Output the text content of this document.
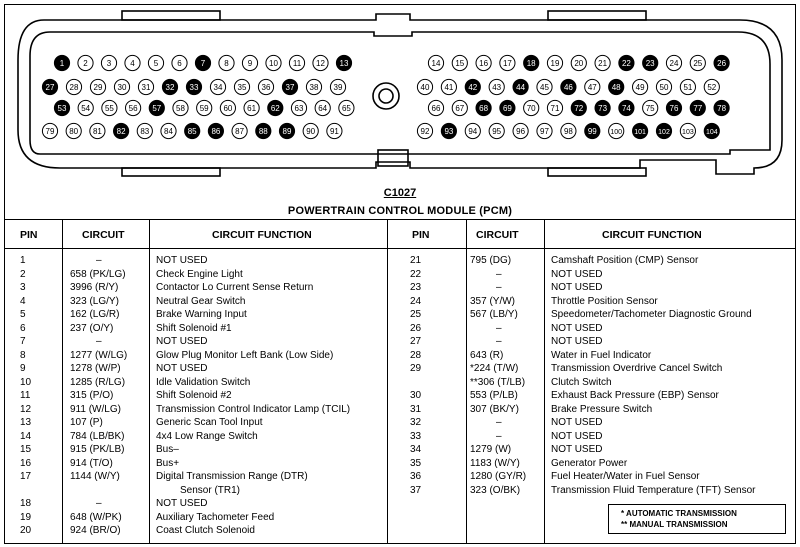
1 2 3 4 5 6 7 8 9 10 11 12 13	14 15 16 17 18 19 20 21 22 23 24 25 26
27 28 29 30 31 32 33 34 35 36 37 38 39	40 41 42 43 44 45 46 47 48 49 50 51 52
53 54 55 56 57 58 59 60 61 62 63 64 65	66 67 68 69 70 71 72 73 74 75 76 77 78
79 80 81 82 83 84 85 86 87 88 89 90 91	92 93 94 95 96 97 98 99 100 101 102 103 104
C1027
POWERTRAIN CONTROL MODULE (PCM)
PIN	CIRCUIT	CIRCUIT FUNCTION	PIN	CIRCUIT	CIRCUIT FUNCTION
1	–	NOT USED
2	658 (PK/LG)	Check Engine Light
3	3996 (R/Y)	Contactor Lo Current Sense Return
4	323 (LG/Y)	Neutral Gear Switch
5	162 (LG/R)	Brake Warning Input
6	237 (O/Y)	Shift Solenoid #1
7	–	NOT USED
8	1277 (W/LG)	Glow Plug Monitor Left Bank (Low Side)
9	1278 (W/P)	NOT USED
10	1285 (R/LG)	Idle Validation Switch
11	315 (P/O)	Shift Solenoid #2
12	911 (W/LG)	Transmission Control Indicator Lamp (TCIL)
13	107 (P)	Generic Scan Tool Input
14	784 (LB/BK)	4x4 Low Range Switch
15	915 (PK/LB)	Bus–
16	914 (T/O)	Bus+
17	1144 (W/Y)	Digital Transmission Range (DTR)
Sensor (TR1)
18	–	NOT USED
19	648 (W/PK)	Auxiliary Tachometer Feed
20	924 (BR/O)	Coast Clutch Solenoid
21	795 (DG)	Camshaft Position (CMP) Sensor
22	–	NOT USED
23	–	NOT USED
24	357 (Y/W)	Throttle Position Sensor
25	567 (LB/Y)	Speedometer/Tachometer Diagnostic Ground
26	–	NOT USED
27	–	NOT USED
28	643 (R)	Water in Fuel Indicator
29	*224 (T/W)	Transmission Overdrive Cancel Switch
**306 (T/LB)	Clutch Switch
30	553 (P/LB)	Exhaust Back Pressure (EBP) Sensor
31	307 (BK/Y)	Brake Pressure Switch
32	–	NOT USED
33	–	NOT USED
34	1279 (W)	NOT USED
35	1183 (W/Y)	Generator Power
36	1280 (GY/R) Fuel Heater/Water in Fuel Sensor
37	323 (O/BK)	Transmission Fluid Temperature (TFT) Sensor
* AUTOMATIC TRANSMISSION
** MANUAL TRANSMISSION
